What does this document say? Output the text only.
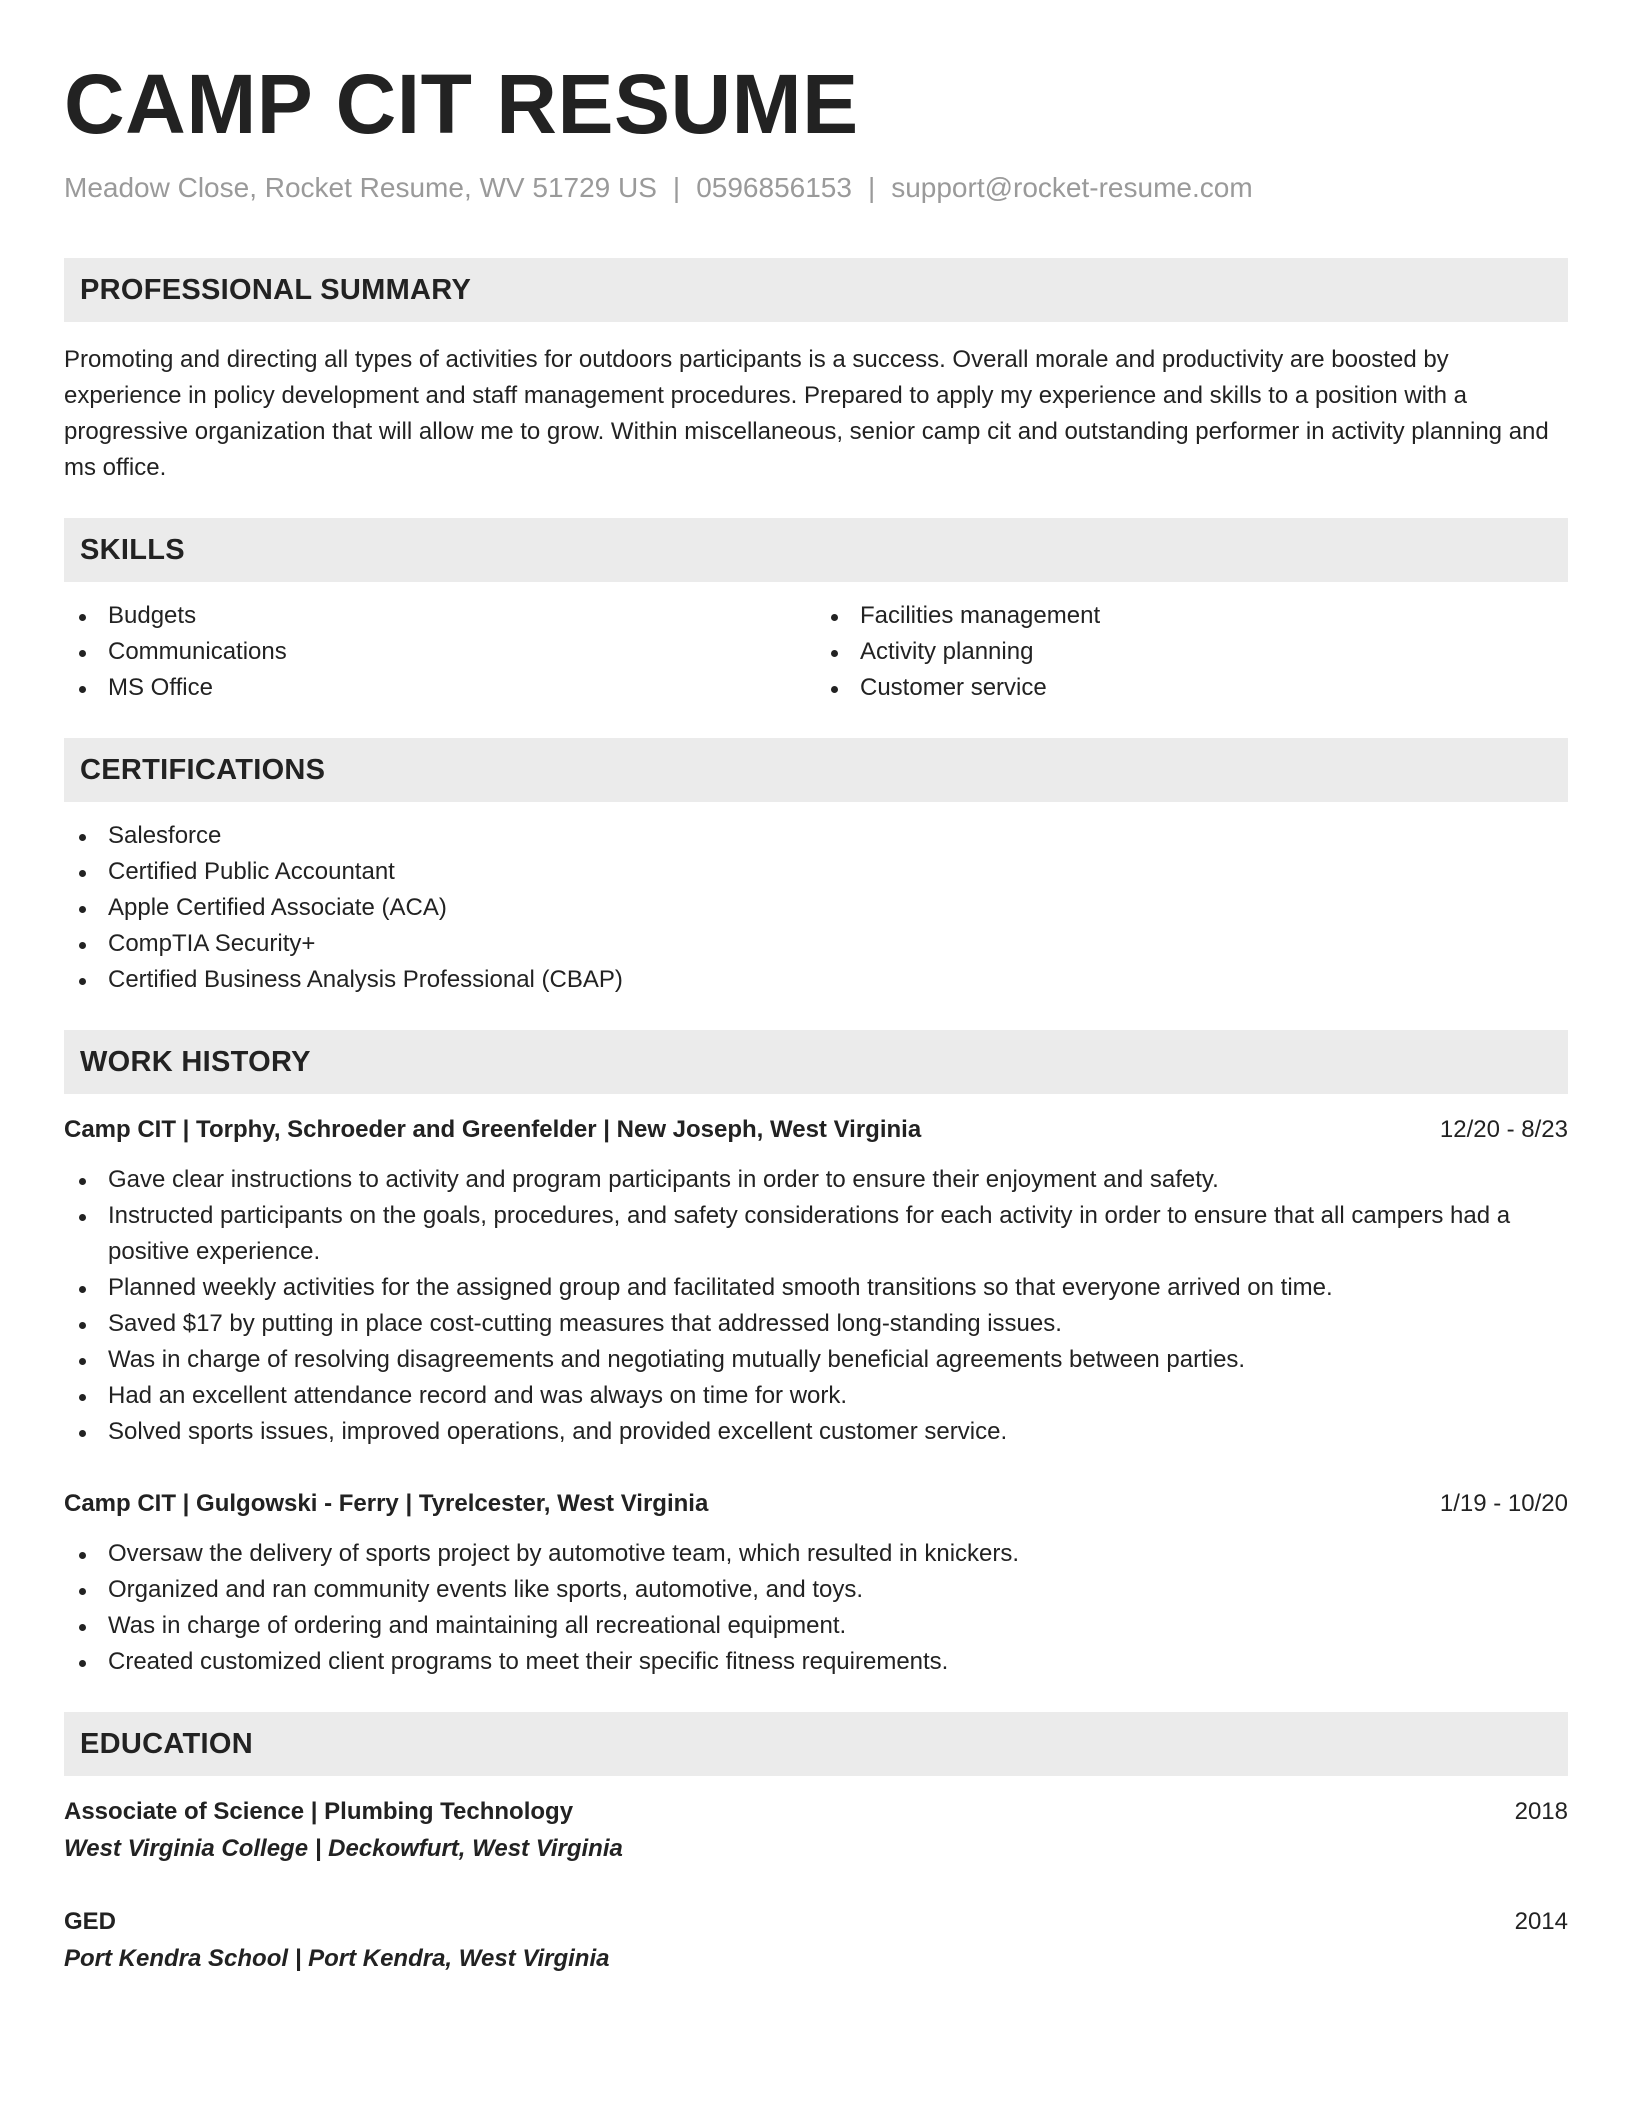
CAMP CIT RESUME
Meadow Close, Rocket Resume, WV 51729 US | 0596856153 | support@rocket-resume.com
PROFESSIONAL SUMMARY

Promoting and directing all types of activities for outdoors participants is a success. Overall morale and productivity are boosted by experience in policy development and staff management procedures. Prepared to apply my experience and skills to a position with a progressive organization that will allow me to grow. Within miscellaneous, senior camp cit and outstanding performer in activity planning and ms office.

SKILLS
Budgets
Communications
MS Office
Facilities management
Activity planning
Customer service
CERTIFICATIONS
Salesforce
Certified Public Accountant
Apple Certified Associate (ACA)
CompTIA Security+
Certified Business Analysis Professional (CBAP)
WORK HISTORY
Camp CIT | Torphy, Schroeder and Greenfelder | New Joseph, West Virginia	12/20 - 8/23
Gave clear instructions to activity and program participants in order to ensure their enjoyment and safety.
Instructed participants on the goals, procedures, and safety considerations for each activity in order to ensure that all campers had a positive experience.
Planned weekly activities for the assigned group and facilitated smooth transitions so that everyone arrived on time.
Saved $17 by putting in place cost-cutting measures that addressed long-standing issues.
Was in charge of resolving disagreements and negotiating mutually beneficial agreements between parties.
Had an excellent attendance record and was always on time for work.
Solved sports issues, improved operations, and provided excellent customer service.
Camp CIT | Gulgowski - Ferry | Tyrelcester, West Virginia	1/19 - 10/20
Oversaw the delivery of sports project by automotive team, which resulted in knickers.
Organized and ran community events like sports, automotive, and toys.
Was in charge of ordering and maintaining all recreational equipment.
Created customized client programs to meet their specific fitness requirements.
EDUCATION
Associate of Science | Plumbing Technology	2018
West Virginia College | Deckowfurt, West Virginia
GED	2014
Port Kendra School | Port Kendra, West Virginia
